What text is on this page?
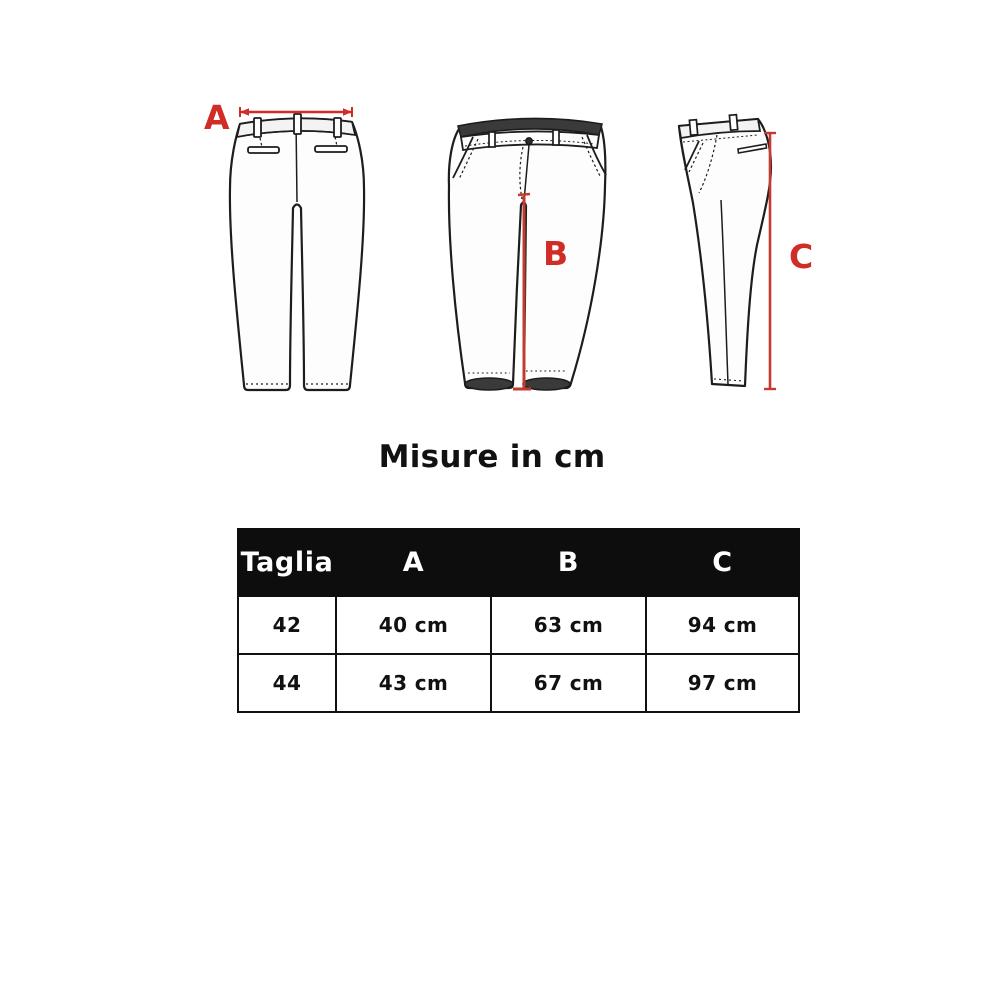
A
B	C
Misure in cm
Taglia	A	B	C
42	40 cm	63 cm	94 cm
44	43 cm	67 cm	97 cm
